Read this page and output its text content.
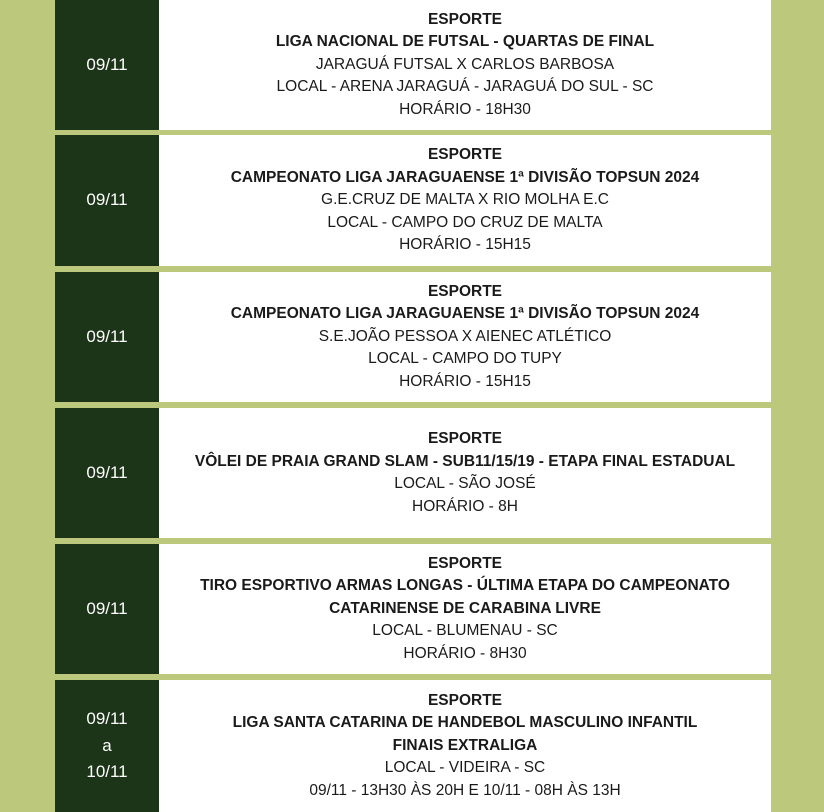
09/11
ESPORTE
LIGA NACIONAL DE FUTSAL - QUARTAS DE FINAL
JARAGUÁ FUTSAL X CARLOS BARBOSA
LOCAL - ARENA JARAGUÁ - JARAGUÁ DO SUL - SC
HORÁRIO - 18H30
09/11
ESPORTE
CAMPEONATO LIGA JARAGUAENSE 1ª DIVISÃO TOPSUN 2024
G.E.CRUZ DE MALTA X RIO MOLHA E.C
LOCAL - CAMPO DO CRUZ DE MALTA
HORÁRIO - 15H15
09/11
ESPORTE
CAMPEONATO LIGA JARAGUAENSE 1ª DIVISÃO TOPSUN 2024
S.E.JOÃO PESSOA X AIENEC ATLÉTICO
LOCAL - CAMPO DO TUPY
HORÁRIO - 15H15
09/11
ESPORTE
VÔLEI DE PRAIA GRAND SLAM - SUB11/15/19 - ETAPA FINAL ESTADUAL
LOCAL - SÃO JOSÉ
HORÁRIO - 8H
09/11
ESPORTE
TIRO ESPORTIVO ARMAS LONGAS - ÚLTIMA ETAPA DO CAMPEONATO
CATARINENSE DE CARABINA LIVRE
LOCAL - BLUMENAU - SC
HORÁRIO - 8H30
09/11
a
10/11
ESPORTE
LIGA SANTA CATARINA DE HANDEBOL MASCULINO INFANTIL
FINAIS EXTRALIGA
LOCAL - VIDEIRA - SC
09/11 - 13H30 ÀS 20H E 10/11 - 08H ÀS 13H
